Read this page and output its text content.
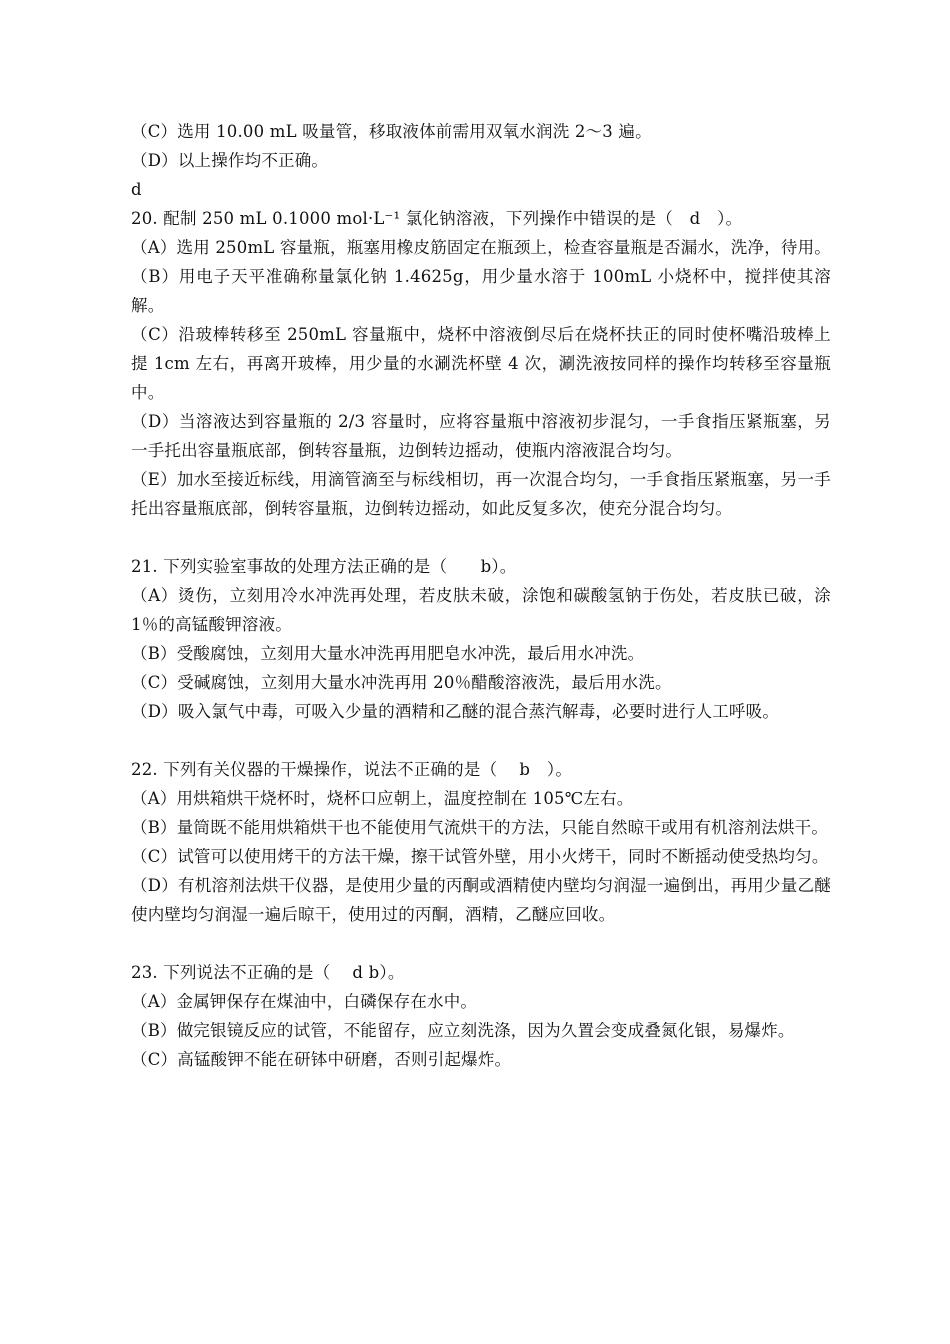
（C）选用 10.00 mL 吸量管，移取液体前需用双氧水润洗 2～3 遍。

（D）以上操作均不正确。

d

20. 配制 250 mL 0.1000 mol·L⁻¹ 氯化钠溶液，下列操作中错误的是（　d　）。

（A）选用 250mL 容量瓶，瓶塞用橡皮筋固定在瓶颈上，检查容量瓶是否漏水，洗净，待用。

（B）用电子天平准确称量氯化钠 1.4625g，用少量水溶于 100mL 小烧杯中，搅拌使其溶解。

（C）沿玻棒转移至 250mL 容量瓶中，烧杯中溶液倒尽后在烧杯扶正的同时使杯嘴沿玻棒上提 1cm 左右，再离开玻棒，用少量的水涮洗杯壁 4 次，涮洗液按同样的操作均转移至容量瓶中。

（D）当溶液达到容量瓶的 2/3 容量时，应将容量瓶中溶液初步混匀，一手食指压紧瓶塞，另一手托出容量瓶底部，倒转容量瓶，边倒转边摇动，使瓶内溶液混合均匀。

（E）加水至接近标线，用滴管滴至与标线相切，再一次混合均匀，一手食指压紧瓶塞，另一手托出容量瓶底部，倒转容量瓶，边倒转边摇动，如此反复多次，使充分混合均匀。

21. 下列实验室事故的处理方法正确的是（　　b）。

（A）烫伤，立刻用冷水冲洗再处理，若皮肤未破，涂饱和碳酸氢钠于伤处，若皮肤已破，涂 1％的高锰酸钾溶液。

（B）受酸腐蚀，立刻用大量水冲洗再用肥皂水冲洗，最后用水冲洗。

（C）受碱腐蚀，立刻用大量水冲洗再用 20％醋酸溶液洗，最后用水洗。

（D）吸入氯气中毒，可吸入少量的酒精和乙醚的混合蒸汽解毒，必要时进行人工呼吸。

22. 下列有关仪器的干燥操作，说法不正确的是（　 b　）。

（A）用烘箱烘干烧杯时，烧杯口应朝上，温度控制在 105℃左右。

（B）量筒既不能用烘箱烘干也不能使用气流烘干的方法，只能自然晾干或用有机溶剂法烘干。

（C）试管可以使用烤干的方法干燥，擦干试管外壁，用小火烤干，同时不断摇动使受热均匀。

（D）有机溶剂法烘干仪器，是使用少量的丙酮或酒精使内壁均匀润湿一遍倒出，再用少量乙醚使内壁均匀润湿一遍后晾干，使用过的丙酮，酒精，乙醚应回收。

23. 下列说法不正确的是（　 d b）。

（A）金属钾保存在煤油中，白磷保存在水中。

（B）做完银镜反应的试管，不能留存，应立刻洗涤，因为久置会变成叠氮化银，易爆炸。

（C）高锰酸钾不能在研钵中研磨，否则引起爆炸。
